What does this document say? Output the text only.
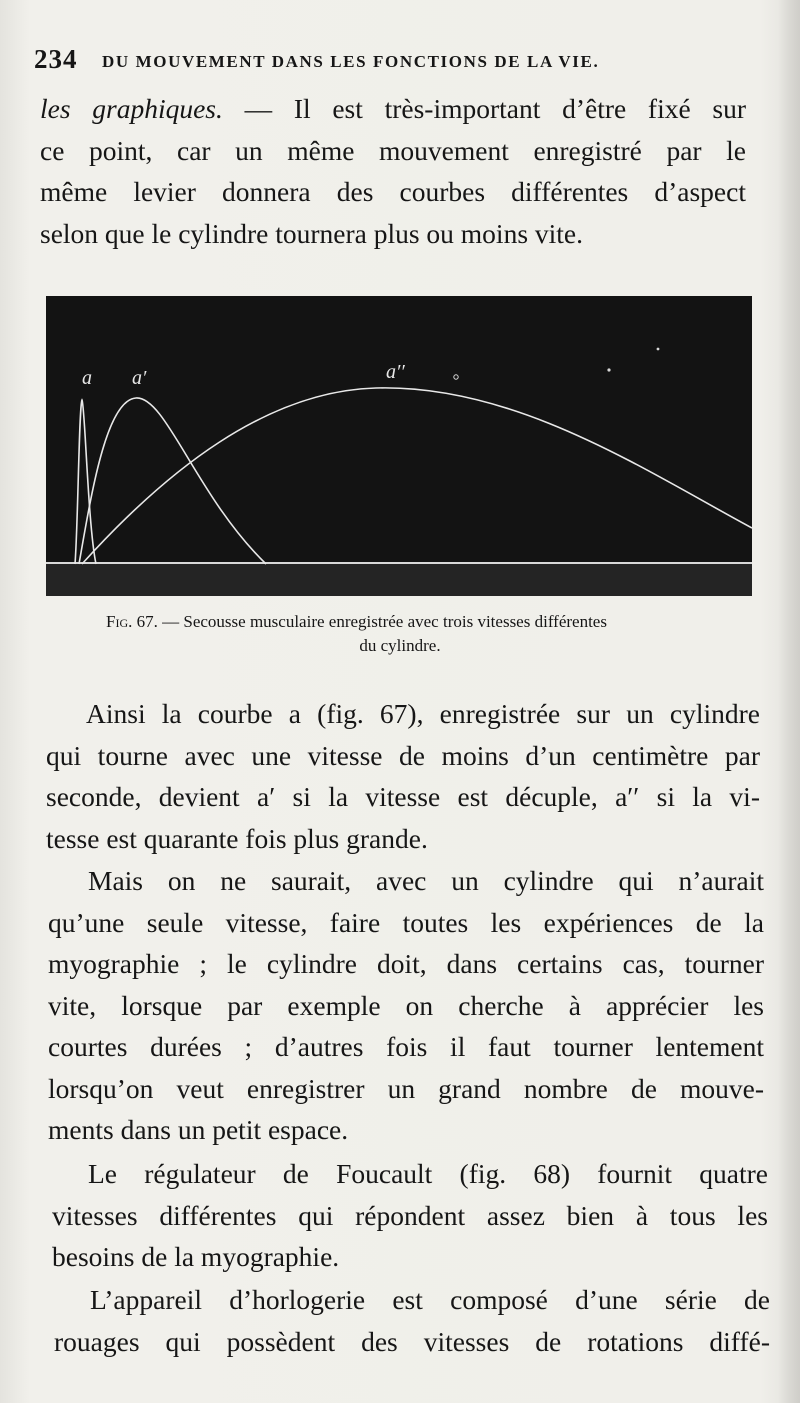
234 DU MOUVEMENT DANS LES FONCTIONS DE LA VIE.
les graphiques. — Il est très-important d’être fixé sur
ce point, car un même mouvement enregistré par le
même levier donnera des courbes différentes d’aspect
selon que le cylindre tournera plus ou moins vite.
a a′	a′′
Fig. 67. — Secousse musculaire enregistrée avec trois vitesses différentes
du cylindre.
Ainsi la courbe a (fig. 67), enregistrée sur un cylindre
qui tourne avec une vitesse de moins d’un centimètre par
seconde, devient a′ si la vitesse est décuple, a′′ si la vi-
tesse est quarante fois plus grande.
Mais on ne saurait, avec un cylindre qui n’aurait
qu’une seule vitesse, faire toutes les expériences de la
myographie ; le cylindre doit, dans certains cas, tourner
vite, lorsque par exemple on cherche à apprécier les
courtes durées ; d’autres fois il faut tourner lentement
lorsqu’on veut enregistrer un grand nombre de mouve-
ments dans un petit espace.
Le régulateur de Foucault (fig. 68) fournit quatre
vitesses différentes qui répondent assez bien à tous les
besoins de la myographie.
L’appareil d’horlogerie est composé d’une série de
rouages qui possèdent des vitesses de rotations diffé-
